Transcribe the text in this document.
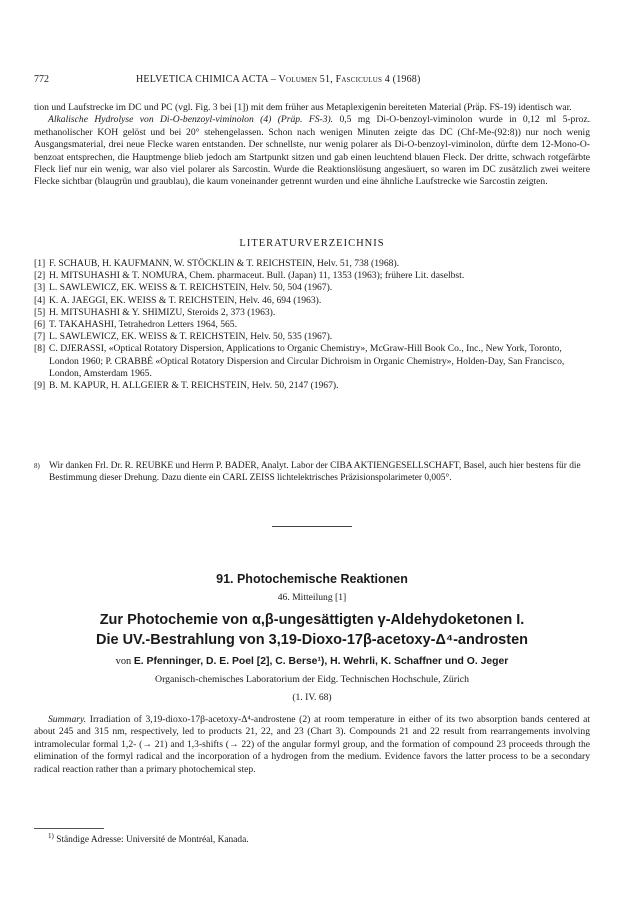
772	HELVETICA CHIMICA ACTA – Volumen 51, Fasciculus 4 (1968)

tion und Laufstrecke im DC und PC (vgl. Fig. 3 bei [1]) mit dem früher aus Metaplexigenin bereiteten Material (Präp. FS-19) identisch war.

Alkalische Hydrolyse von Di-O-benzoyl-viminolon (4) (Präp. FS-3). 0,5 mg Di-O-benzoyl-viminolon wurde in 0,12 ml 5-proz. methanolischer KOH gelöst und bei 20° stehengelassen. Schon nach wenigen Minuten zeigte das DC (Chf-Me-(92:8)) nur noch wenig Ausgangsmaterial, drei neue Flecke waren entstanden. Der schnellste, nur wenig polarer als Di-O-benzoyl-viminolon, dürfte dem 12-Mono-O-benzoat entsprechen, die Hauptmenge blieb jedoch am Startpunkt sitzen und gab einen leuchtend blauen Fleck. Der dritte, schwach rotgefärbte Fleck lief nur ein wenig, war also viel polarer als Sarcostin. Wurde die Reaktionslösung angesäuert, so waren im DC zusätzlich zwei weitere Flecke sichtbar (blaugrün und graublau), die kaum voneinander getrennt wurden und eine ähnliche Laufstrecke wie Sarcostin zeigten.

LITERATURVERZEICHNIS
[1] F. SCHAUB, H. KAUFMANN, W. STÖCKLIN & T. REICHSTEIN, Helv. 51, 738 (1968).
[2] H. MITSUHASHI & T. NOMURA, Chem. pharmaceut. Bull. (Japan) 11, 1353 (1963); frühere Lit. daselbst.
[3] L. SAWLEWICZ, EK. WEISS & T. REICHSTEIN, Helv. 50, 504 (1967).
[4] K. A. JAEGGI, EK. WEISS & T. REICHSTEIN, Helv. 46, 694 (1963).
[5] H. MITSUHASHI & Y. SHIMIZU, Steroids 2, 373 (1963).
[6] T. TAKAHASHI, Tetrahedron Letters 1964, 565.
[7] L. SAWLEWICZ, EK. WEISS & T. REICHSTEIN, Helv. 50, 535 (1967).
[8] C. DJERASSI, «Optical Rotatory Dispersion, Applications to Organic Chemistry», McGraw-Hill Book Co., Inc., New York, Toronto, London 1960; P. CRABBÉ «Optical Rotatory Dispersion and Circular Dichroism in Organic Chemistry», Holden-Day, San Francisco, London, Amsterdam 1965.
[9] B. M. KAPUR, H. ALLGEIER & T. REICHSTEIN, Helv. 50, 2147 (1967).
8) Wir danken Frl. Dr. R. REUBKE und Herrn P. BADER, Analyt. Labor der CIBA AKTIENGESELLSCHAFT, Basel, auch hier bestens für die Bestimmung dieser Drehung. Dazu diente ein CARL ZEISS lichtelektrisches Präzisionspolarimeter 0,005°.
91. Photochemische Reaktionen
46. Mitteilung [1]
Zur Photochemie von α,β-ungesättigten γ-Aldehydoketonen I.
Die UV.-Bestrahlung von 3,19-Dioxo-17β-acetoxy-Δ⁴-androsten
von E. Pfenninger, D. E. Poel [2], C. Berse¹), H. Wehrli, K. Schaffner und O. Jeger
Organisch-chemisches Laboratorium der Eidg. Technischen Hochschule, Zürich
(1. IV. 68)

Summary. Irradiation of 3,19-dioxo-17β-acetoxy-Δ⁴-androstene (2) at room temperature in either of its two absorption bands centered at about 245 and 315 nm, respectively, led to products 21, 22, and 23 (Chart 3). Compounds 21 and 22 result from rearrangements involving intramolecular formal 1,2- (→ 21) and 1,3-shifts (→ 22) of the angular formyl group, and the formation of compound 23 proceeds through the elimination of the formyl radical and the incorporation of a hydrogen from the medium. Evidence favors the latter process to be a secondary radical reaction rather than a primary photochemical step.

$^{1)}$ Ständige Adresse: Université de Montréal, Kanada.
